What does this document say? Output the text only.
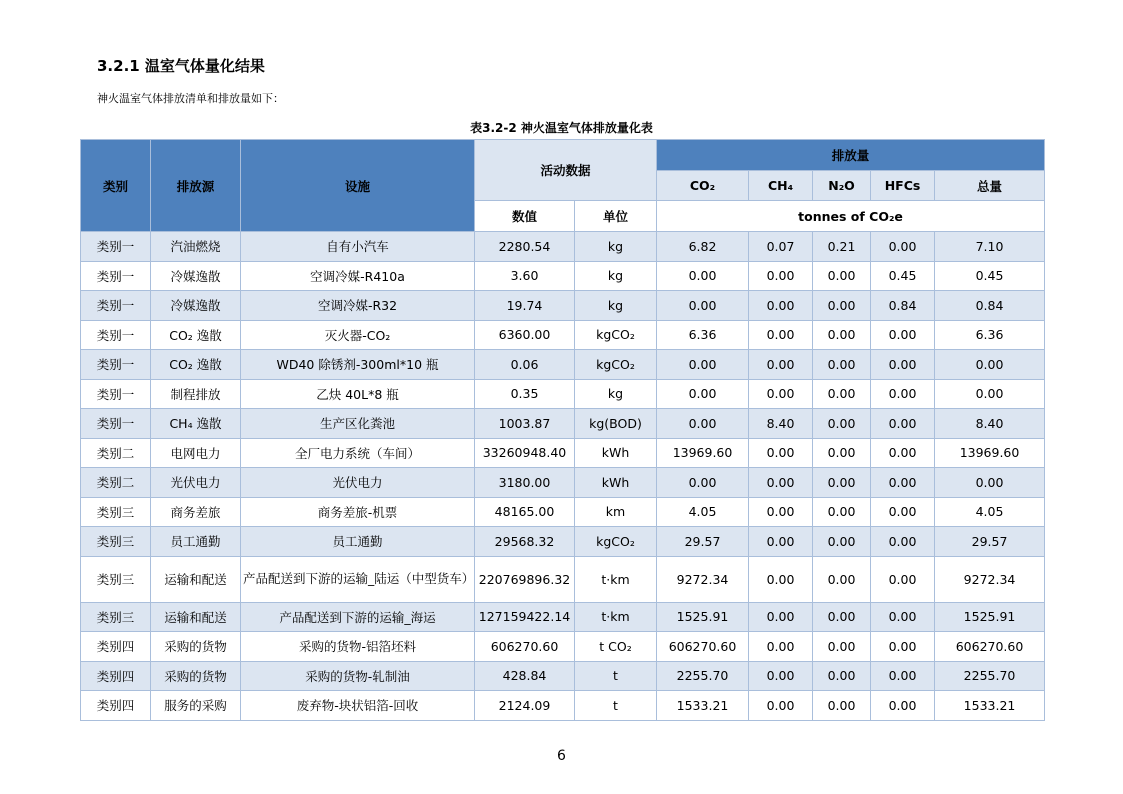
3.2.1 温室气体量化结果
神火温室气体排放清单和排放量如下：
表3.2-2 神火温室气体排放量化表
类别	排放源	设施	活动数据		排放量				
					CO₂	CH₄	N₂O	HFCs	总量
			数值	单位	tonnes of CO₂e				
类别一	汽油燃烧	自有小汽车	2280.54	kg	6.82	0.07	0.21	0.00	7.10
类别一	冷媒逸散	空调冷媒-R410a	3.60	kg	0.00	0.00	0.00	0.45	0.45
类别一	冷媒逸散	空调冷媒-R32	19.74	kg	0.00	0.00	0.00	0.84	0.84
类别一	CO₂ 逸散	灭火器-CO₂	6360.00	kgCO₂	6.36	0.00	0.00	0.00	6.36
类别一	CO₂ 逸散	WD40 除锈剂-300ml*10 瓶	0.06	kgCO₂	0.00	0.00	0.00	0.00	0.00
类别一	制程排放	乙炔 40L*8 瓶	0.35	kg	0.00	0.00	0.00	0.00	0.00
类别一	CH₄ 逸散	生产区化粪池	1003.87	kg(BOD)	0.00	8.40	0.00	0.00	8.40
类别二	电网电力	全厂电力系统（车间）	33260948.40	kWh	13969.60	0.00	0.00	0.00	13969.60
类别二	光伏电力	光伏电力	3180.00	kWh	0.00	0.00	0.00	0.00	0.00
类别三	商务差旅	商务差旅-机票	48165.00	km	4.05	0.00	0.00	0.00	4.05
类别三	员工通勤	员工通勤	29568.32	kgCO₂	29.57	0.00	0.00	0.00	29.57
类别三	运输和配送	产品配送到下游的运输_陆运（中型货车）	220769896.32	t·km	9272.34	0.00	0.00	0.00	9272.34
类别三	运输和配送	产品配送到下游的运输_海运	127159422.14	t·km	1525.91	0.00	0.00	0.00	1525.91
类别四	采购的货物	采购的货物-铝箔坯料	606270.60	t CO₂	606270.60	0.00	0.00	0.00	606270.60
类别四	采购的货物	采购的货物-轧制油	428.84	t	2255.70	0.00	0.00	0.00	2255.70
类别四	服务的采购	废弃物-块状铝箔-回收	2124.09	t	1533.21	0.00	0.00	0.00	1533.21
6
